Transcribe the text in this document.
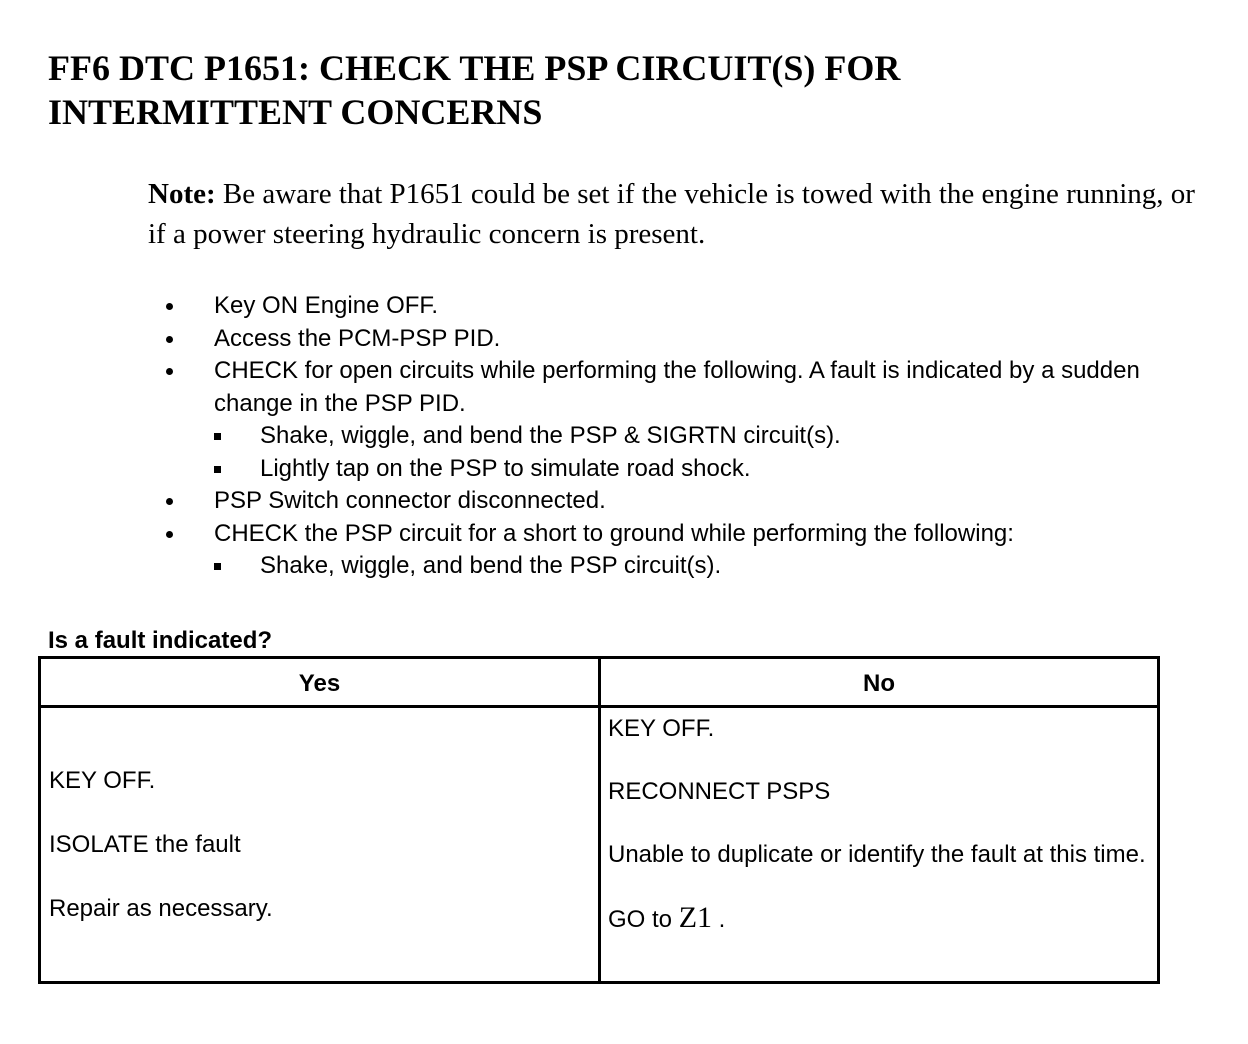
FF6 DTC P1651: CHECK THE PSP CIRCUIT(S) FOR INTERMITTENT CONCERNS

Note: Be aware that P1651 could be set if the vehicle is towed with the engine running, or if a power steering hydraulic concern is present.

Key ON Engine OFF.
Access the PCM-PSP PID.
CHECK for open circuits while performing the following. A fault is indicated by a sudden change in the PSP PID.
Shake, wiggle, and bend the PSP & SIGRTN circuit(s).
Lightly tap on the PSP to simulate road shock.
PSP Switch connector disconnected.
CHECK the PSP circuit for a short to ground while performing the following:
Shake, wiggle, and bend the PSP circuit(s).

Is a fault indicated?

Yes	No

KEY OFF.

ISOLATE the fault

Repair as necessary.

KEY OFF.

RECONNECT PSPS

Unable to duplicate or identify the fault at this time.

GO to Z1 .
